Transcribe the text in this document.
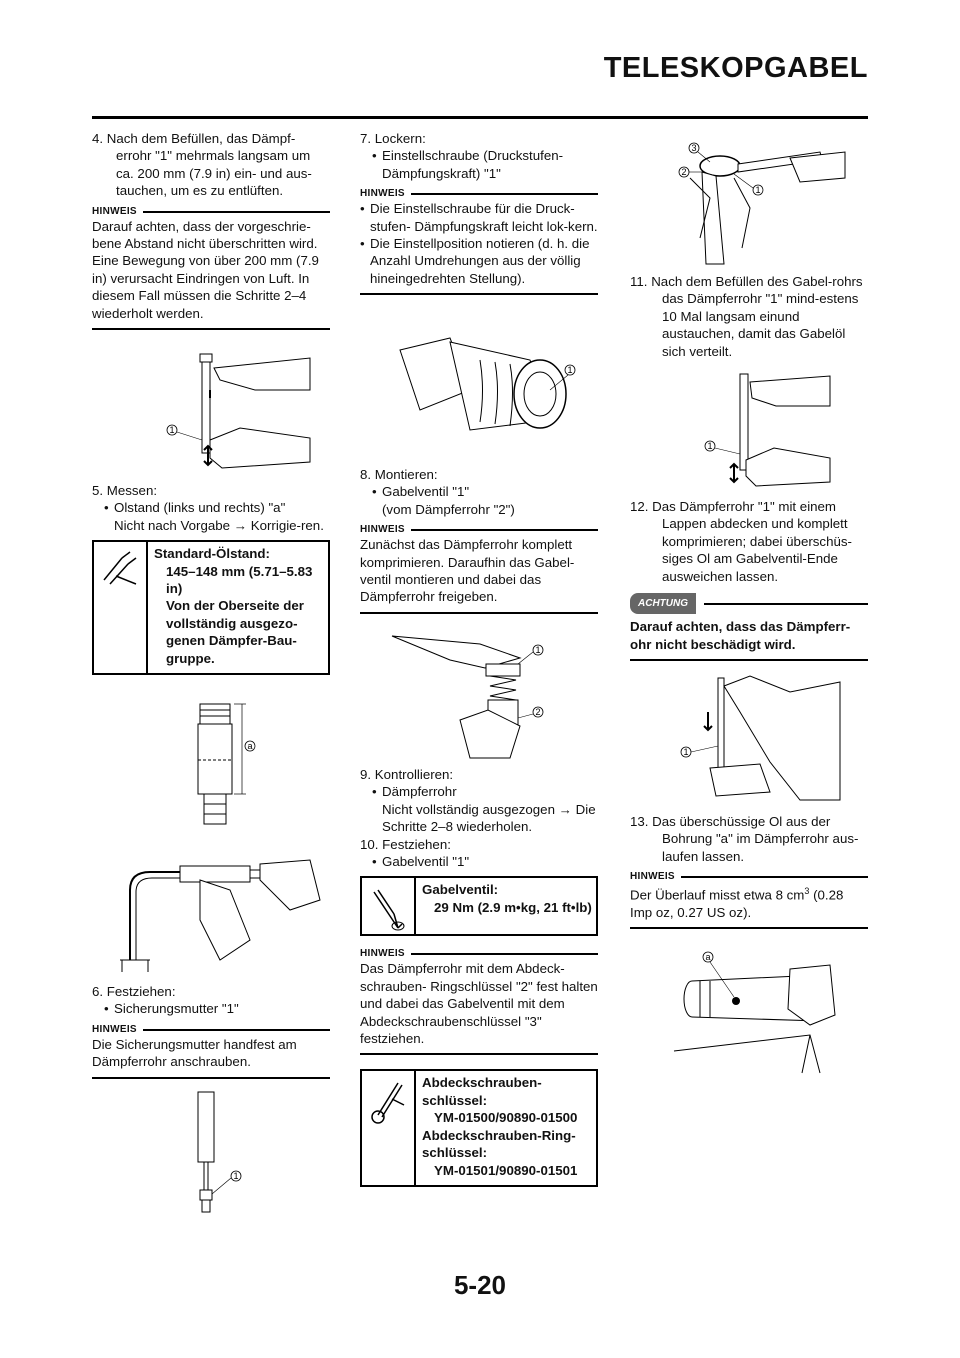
TELESKOPGABEL

4. Nach dem Befüllen, das Dämpf-errohr "1" mehrmals langsam um ca. 200 mm (7.9 in) ein- und aus-tauchen, um es zu entlüften.

HINWEIS

Darauf achten, dass der vorgeschrie-bene Abstand nicht überschritten wird. Eine Bewegung von über 200 mm (7.9 in) verursacht Eindringen von Luft. In diesem Fall müssen die Schritte 2–4 wiederholt werden.

1

5. Messen:

• Olstand (links und rechts) "a"

Nicht nach Vorgabe → Korrigie-ren.

Standard-Ölstand:
145–148 mm (5.71–5.83 in)
Von der Oberseite der vollständig ausgezo-genen Dämpfer-Bau-gruppe.
a

6. Festziehen:

• Sicherungsmutter "1"

HINWEIS

Die Sicherungsmutter handfest am Dämpferrohr anschrauben.

1

7. Lockern:

• Einstellschraube (Druckstufen-Dämpfungskraft) "1"

HINWEIS

• Die Einstellschraube für die Druck-stufen- Dämpfungskraft leicht lok-kern.

• Die Einstellposition notieren (d. h. die Anzahl Umdrehungen aus der völlig hineingedrehten Stellung).

1

8. Montieren:

• Gabelventil "1"

(vom Dämpferrohr "2")

HINWEIS

Zunächst das Dämpferrohr komplett komprimieren. Daraufhin das Gabel-ventil montieren und dabei das Dämpferrohr freigeben.

1
2

9. Kontrollieren:

• Dämpferrohr

Nicht vollständig ausgezogen → Die Schritte 2–8 wiederholen.

10. Festziehen:

• Gabelventil "1"

Gabelventil:
29 Nm (2.9 m•kg, 21 ft•lb)
HINWEIS

Das Dämpferrohr mit dem Abdeck-schrauben- Ringschlüssel "2" fest halten und dabei das Gabelventil mit dem Abdeckschraubenschlüssel "3" festziehen.

Abdeckschrauben-schlüssel:
YM-01500/90890-01500
Abdeckschrauben-Ring-schlüssel:
YM-01501/90890-01501
3
2
1

11. Nach dem Befüllen des Gabel-rohrs das Dämpferrohr "1" mind-estens 10 Mal langsam einund austauchen, damit das Gabelöl sich verteilt.

1

12. Das Dämpferrohr "1" mit einem Lappen abdecken und komplett komprimieren; dabei überschüs-siges Ol am Gabelventil-Ende ausweichen lassen.

ACHTUNG

Darauf achten, dass das Dämpferr-ohr nicht beschädigt wird.

1

13. Das überschüssige Ol aus der Bohrung "a" im Dämpferrohr aus-laufen lassen.

HINWEIS

Der Überlauf misst etwa 8 $cm^3$ (0.28 Imp oz, 0.27 US oz).

a
5-20
